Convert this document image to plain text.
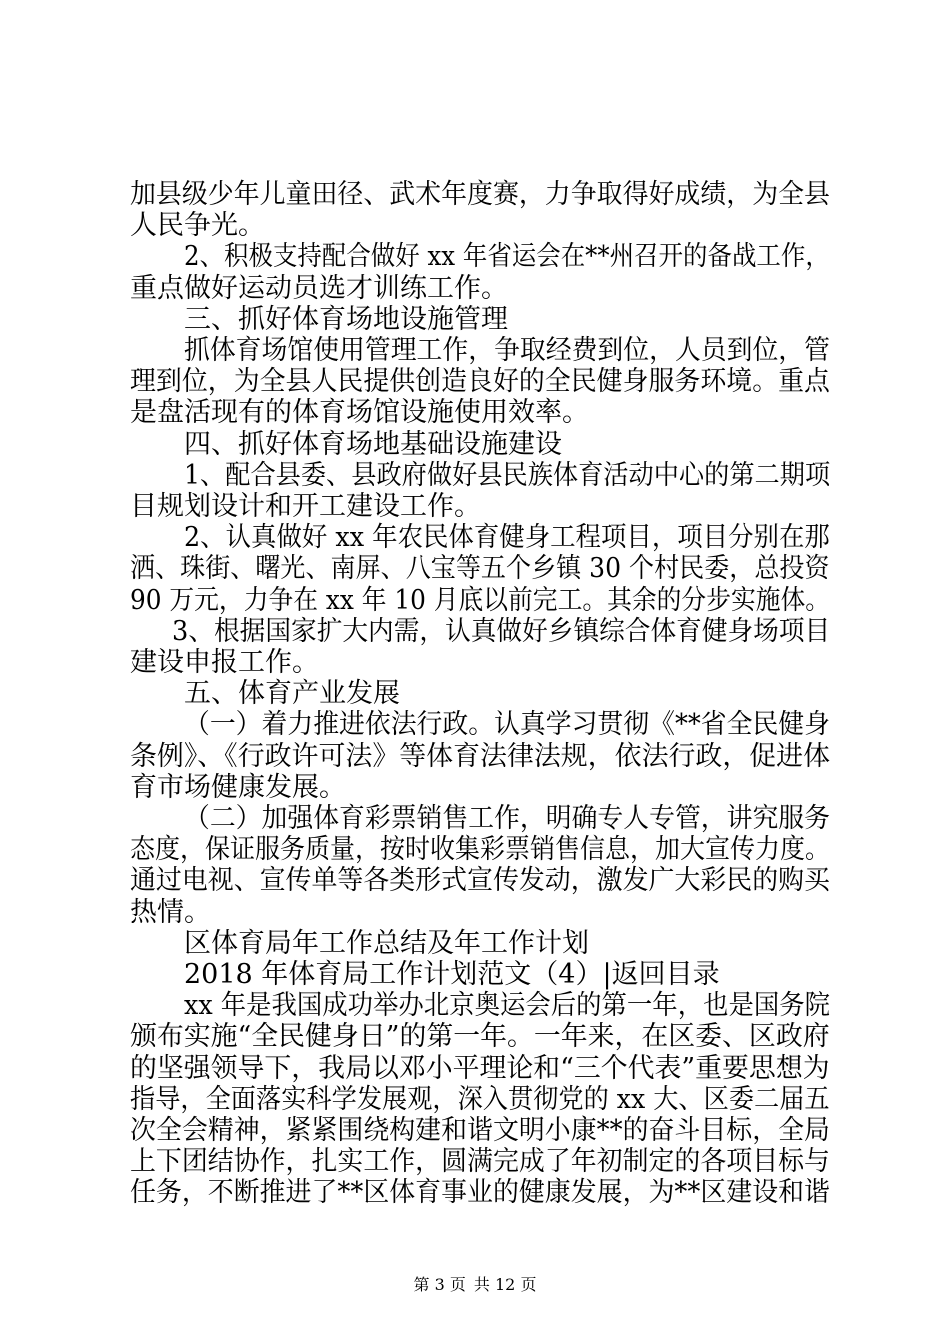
加县级少年儿童田径、武术年度赛，力争取得好成绩，为全县
人民争光。
2、积极支持配合做好 xx 年省运会在**州召开的备战工作，
重点做好运动员选才训练工作。
三、抓好体育场地设施管理
抓体育场馆使用管理工作，争取经费到位，人员到位，管
理到位，为全县人民提供创造良好的全民健身服务环境。重点
是盘活现有的体育场馆设施使用效率。
四、抓好体育场地基础设施建设
1、配合县委、县政府做好县民族体育活动中心的第二期项
目规划设计和开工建设工作。
2、认真做好 xx 年农民体育健身工程项目，项目分别在那
洒、珠街、曙光、南屏、八宝等五个乡镇 30 个村民委，总投资
90 万元，力争在 xx 年 10 月底以前完工。其余的分步实施体。
3、根据国家扩大内需，认真做好乡镇综合体育健身场项目
建设申报工作。
五、体育产业发展
（一）着力推进依法行政。认真学习贯彻《**省全民健身
条例》、《行政许可法》等体育法律法规，依法行政，促进体
育市场健康发展。
（二）加强体育彩票销售工作，明确专人专管，讲究服务
态度，保证服务质量，按时收集彩票销售信息，加大宣传力度。
通过电视、宣传单等各类形式宣传发动，激发广大彩民的购买
热情。
区体育局年工作总结及年工作计划
2018 年体育局工作计划范文（4）|返回目录
xx 年是我国成功举办北京奥运会后的第一年，也是国务院
颁布实施“全民健身日”的第一年。一年来，在区委、区政府
的坚强领导下，我局以邓小平理论和“三个代表”重要思想为
指导，全面落实科学发展观，深入贯彻党的 xx 大、区委二届五
次全会精神，紧紧围绕构建和谐文明小康**的奋斗目标，全局
上下团结协作，扎实工作，圆满完成了年初制定的各项目标与
任务，不断推进了**区体育事业的健康发展，为**区建设和谐
第 3 页 共 12 页
